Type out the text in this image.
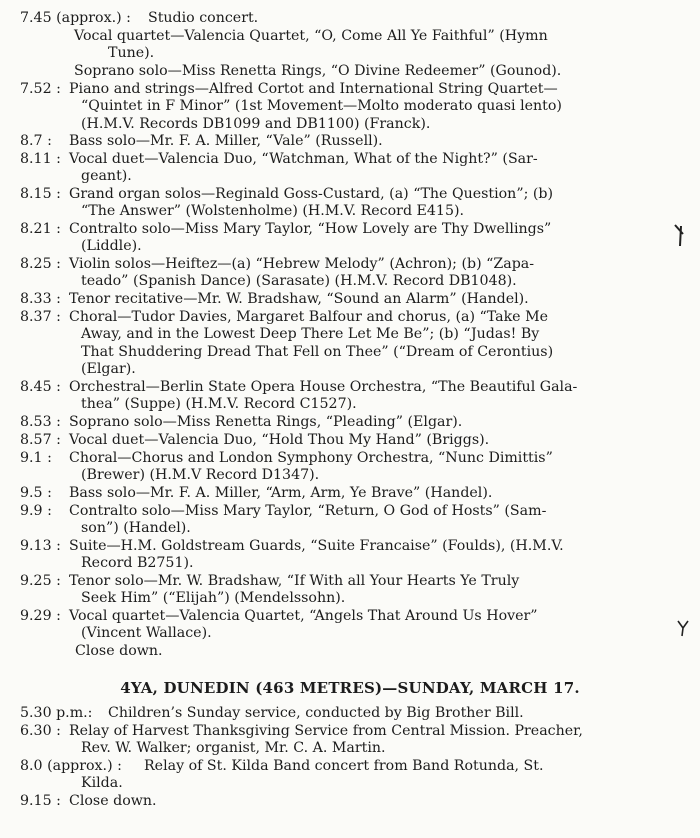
7.45 (approx.) :	Studio concert.
Vocal quartet—Valencia Quartet, “O, Come All Ye Faithful” (Hymn
Tune).
Soprano solo—Miss Renetta Rings, “O Divine Redeemer” (Gounod).
7.52 : Piano and strings—Alfred Cortot and International String Quartet—
“Quintet in F Minor” (1st Movement—Molto moderato quasi lento)
(H.M.V. Records DB1099 and DB1100) (Franck).
8.7 :	Bass solo—Mr. F. A. Miller, “Vale” (Russell).
8.11 : Vocal duet—Valencia Duo, “Watchman, What of the Night?” (Sar-
geant).
8.15 : Grand organ solos—Reginald Goss-Custard, (a) “The Question”; (b)
“The Answer” (Wolstenholme) (H.M.V. Record E415).
8.21 : Contralto solo—Miss Mary Taylor, “How Lovely are Thy Dwellings”
(Liddle).
8.25 : Violin solos—Heiftez—(a) “Hebrew Melody” (Achron); (b) “Zapa-
teado” (Spanish Dance) (Sarasate) (H.M.V. Record DB1048).
8.33 : Tenor recitative—Mr. W. Bradshaw, “Sound an Alarm” (Handel).
8.37 : Choral—Tudor Davies, Margaret Balfour and chorus, (a) “Take Me
Away, and in the Lowest Deep There Let Me Be”; (b) “Judas! By
That Shuddering Dread That Fell on Thee” (“Dream of Cerontius)
(Elgar).
8.45 : Orchestral—Berlin State Opera House Orchestra, “The Beautiful Gala-
thea” (Suppe) (H.M.V. Record C1527).
8.53 : Soprano solo—Miss Renetta Rings, “Pleading” (Elgar).
8.57 : Vocal duet—Valencia Duo, “Hold Thou My Hand” (Briggs).
9.1 :	Choral—Chorus and London Symphony Orchestra, “Nunc Dimittis”
(Brewer) (H.M.V Record D1347).
9.5 :	Bass solo—Mr. F. A. Miller, “Arm, Arm, Ye Brave” (Handel).
9.9 :	Contralto solo—Miss Mary Taylor, “Return, O God of Hosts” (Sam-
son”) (Handel).
9.13 : Suite—H.M. Goldstream Guards, “Suite Francaise” (Foulds), (H.M.V.
Record B2751).
9.25 : Tenor solo—Mr. W. Bradshaw, “If With all Your Hearts Ye Truly
Seek Him” (“Elijah”) (Mendelssohn).
9.29 : Vocal quartet—Valencia Quartet, “Angels That Around Us Hover”
(Vincent Wallace).
Close down.
4YA, DUNEDIN (463 METRES)—SUNDAY, MARCH 17.
5.30 p.m.:	Children’s Sunday service, conducted by Big Brother Bill.
6.30 : Relay of Harvest Thanksgiving Service from Central Mission. Preacher,
Rev. W. Walker; organist, Mr. C. A. Martin.
8.0 (approx.) :	Relay of St. Kilda Band concert from Band Rotunda, St.
Kilda.
9.15 : Close down.
